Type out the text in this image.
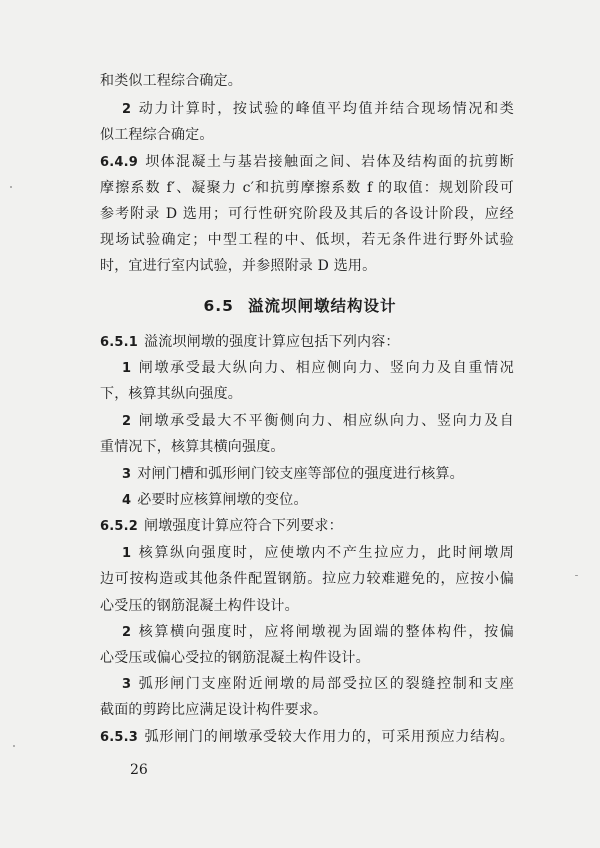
和类似工程综合确定。
2 动力计算时，按试验的峰值平均值并结合现场情况和类
似工程综合确定。
6.4.9 坝体混凝土与基岩接触面之间、岩体及结构面的抗剪断
摩擦系数 f′、凝聚力 c′和抗剪摩擦系数 f 的取值：规划阶段可
参考附录 D 选用；可行性研究阶段及其后的各设计阶段，应经
现场试验确定；中型工程的中、低坝，若无条件进行野外试验
时，宜进行室内试验，并参照附录 D 选用。
6.5 溢流坝闸墩结构设计
6.5.1 溢流坝闸墩的强度计算应包括下列内容：
1 闸墩承受最大纵向力、相应侧向力、竖向力及自重情况
下，核算其纵向强度。
2 闸墩承受最大不平衡侧向力、相应纵向力、竖向力及自
重情况下，核算其横向强度。
3 对闸门槽和弧形闸门铰支座等部位的强度进行核算。
4 必要时应核算闸墩的变位。
6.5.2 闸墩强度计算应符合下列要求：
1 核算纵向强度时，应使墩内不产生拉应力，此时闸墩周
边可按构造或其他条件配置钢筋。拉应力较难避免的，应按小偏
心受压的钢筋混凝土构件设计。
2 核算横向强度时，应将闸墩视为固端的整体构件，按偏
心受压或偏心受拉的钢筋混凝土构件设计。
3 弧形闸门支座附近闸墩的局部受拉区的裂缝控制和支座
截面的剪跨比应满足设计构件要求。
6.5.3 弧形闸门的闸墩承受较大作用力的，可采用预应力结构。
26
